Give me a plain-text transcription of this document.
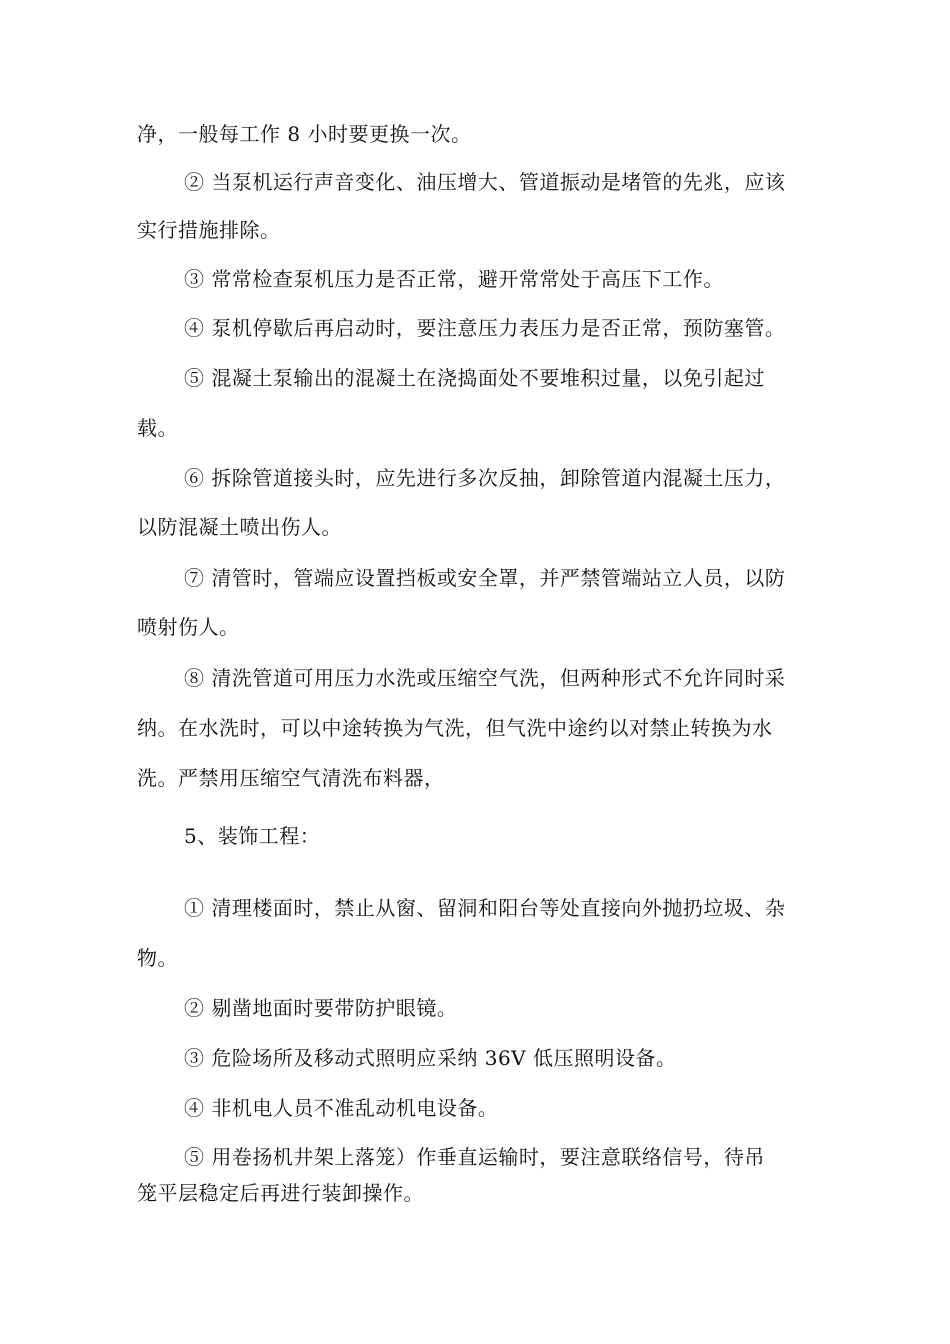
净，一般每工作 8 小时要更换一次。
② 当泵机运行声音变化、油压增大、管道振动是堵管的先兆，应该
实行措施排除。
③ 常常检查泵机压力是否正常，避开常常处于高压下工作。
④ 泵机停歇后再启动时，要注意压力表压力是否正常，预防塞管。
⑤ 混凝土泵输出的混凝土在浇捣面处不要堆积过量，以免引起过
载。
⑥ 拆除管道接头时，应先进行多次反抽，卸除管道内混凝土压力，
以防混凝土喷出伤人。
⑦ 清管时，管端应设置挡板或安全罩，并严禁管端站立人员，以防
喷射伤人。
⑧ 清洗管道可用压力水洗或压缩空气洗，但两种形式不允许同时采
纳。在水洗时，可以中途转换为气洗，但气洗中途约以对禁止转换为水
洗。严禁用压缩空气清洗布料器，
5、装饰工程：
① 清理楼面时，禁止从窗、留洞和阳台等处直接向外抛扔垃圾、杂
物。
② 剔凿地面时要带防护眼镜。
③ 危险场所及移动式照明应采纳 36V 低压照明设备。
④ 非机电人员不准乱动机电设备。
⑤ 用卷扬机井架上落笼）作垂直运输时，要注意联络信号，待吊
笼平层稳定后再进行装卸操作。
